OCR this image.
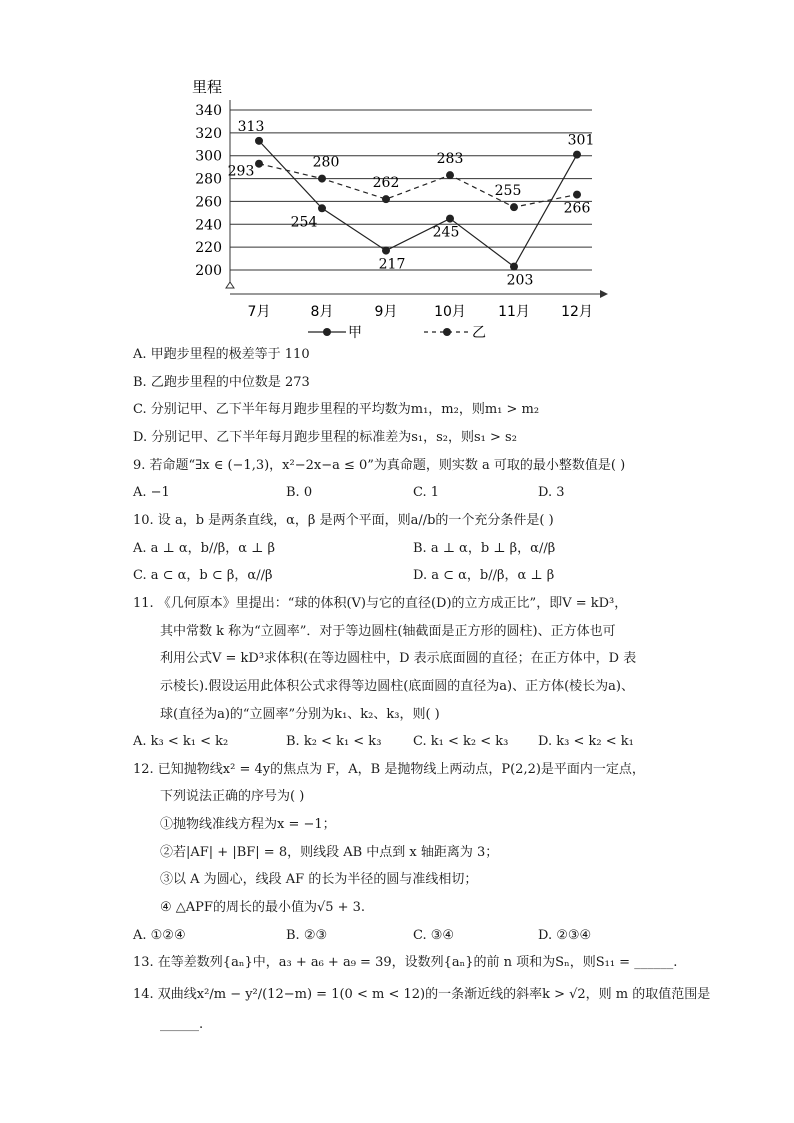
200
220
240
260
280
300
320
340
7月	8月	9月	10月 11月 12月
313
254
217
245
203
301
293
280
262
283
255
266
甲	乙
里程
A. 甲跑步里程的极差等于 110
B. 乙跑步里程的中位数是 273
C. 分别记甲、乙下半年每月跑步里程的平均数为m₁，m₂，则m₁ > m₂
D. 分别记甲、乙下半年每月跑步里程的标准差为s₁，s₂，则s₁ > s₂
9. 若命题“∃x ∈ (−1,3)，x²−2x−a ≤ 0”为真命题，则实数 a 可取的最小整数值是( )
A. −1	B. 0	C. 1	D. 3
10. 设 a，b 是两条直线，α，β 是两个平面，则a//b的一个充分条件是( )
A. a ⊥ α，b//β，α ⊥ β	B. a ⊥ α，b ⊥ β，α//β
C. a ⊂ α，b ⊂ β，α//β	D. a ⊂ α，b//β，α ⊥ β
11. 《几何原本》里提出：“球的体积(V)与它的直径(D)的立方成正比”，即V = kD³，
其中常数 k 称为“立圆率”．对于等边圆柱(轴截面是正方形的圆柱)、正方体也可
利用公式V = kD³求体积(在等边圆柱中，D 表示底面圆的直径；在正方体中，D 表
示棱长).假设运用此体积公式求得等边圆柱(底面圆的直径为a)、正方体(棱长为a)、
球(直径为a)的“立圆率”分别为k₁、k₂、k₃，则( )
A. k₃ < k₁ < k₂	B. k₂ < k₁ < k₃ C. k₁ < k₂ < k₃ D. k₃ < k₂ < k₁
12. 已知抛物线x² = 4y的焦点为 F，A，B 是抛物线上两动点，P(2,2)是平面内一定点，
下列说法正确的序号为( )
①抛物线准线方程为x = −1；
②若|AF| + |BF| = 8，则线段 AB 中点到 x 轴距离为 3；
③以 A 为圆心，线段 AF 的长为半径的圆与准线相切；
④ △APF的周长的最小值为√5 + 3.
A. ①②④	B. ②③	C. ③④	D. ②③④
13. 在等差数列{aₙ}中，a₃ + a₆ + a₉ = 39，设数列{aₙ}的前 n 项和为Sₙ，则S₁₁ = ______.
14. 双曲线x²/m − y²/(12−m) = 1(0 < m < 12)的一条渐近线的斜率k > √2，则 m 的取值范围是
______.
